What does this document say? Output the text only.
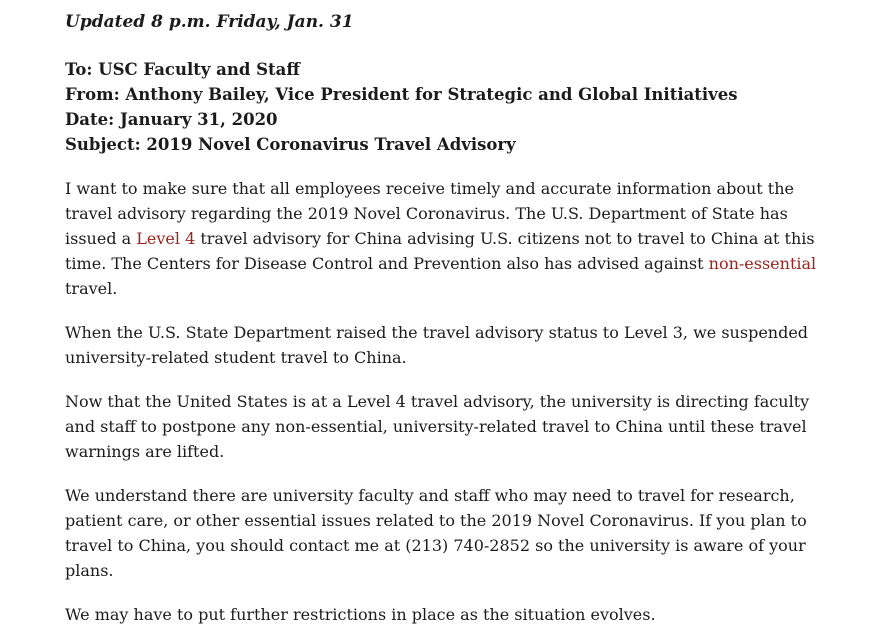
Updated 8 p.m. Friday, Jan. 31

To: USC Faculty and Staff

From: Anthony Bailey, Vice President for Strategic and Global Initiatives

Date: January 31, 2020

Subject: 2019 Novel Coronavirus Travel Advisory

I want to make sure that all employees receive timely and accurate information about the travel advisory regarding the 2019 Novel Coronavirus. The U.S. Department of State has issued a Level 4 travel advisory for China advising U.S. citizens not to travel to China at this time. The Centers for Disease Control and Prevention also has advised against non-essential travel.

When the U.S. State Department raised the travel advisory status to Level 3, we suspended university-related student travel to China.

Now that the United States is at a Level 4 travel advisory, the university is directing faculty and staff to postpone any non-essential, university-related travel to China until these travel warnings are lifted.

We understand there are university faculty and staff who may need to travel for research, patient care, or other essential issues related to the 2019 Novel Coronavirus. If you plan to travel to China, you should contact me at (213) 740-2852 so the university is aware of your plans.

We may have to put further restrictions in place as the situation evolves.
